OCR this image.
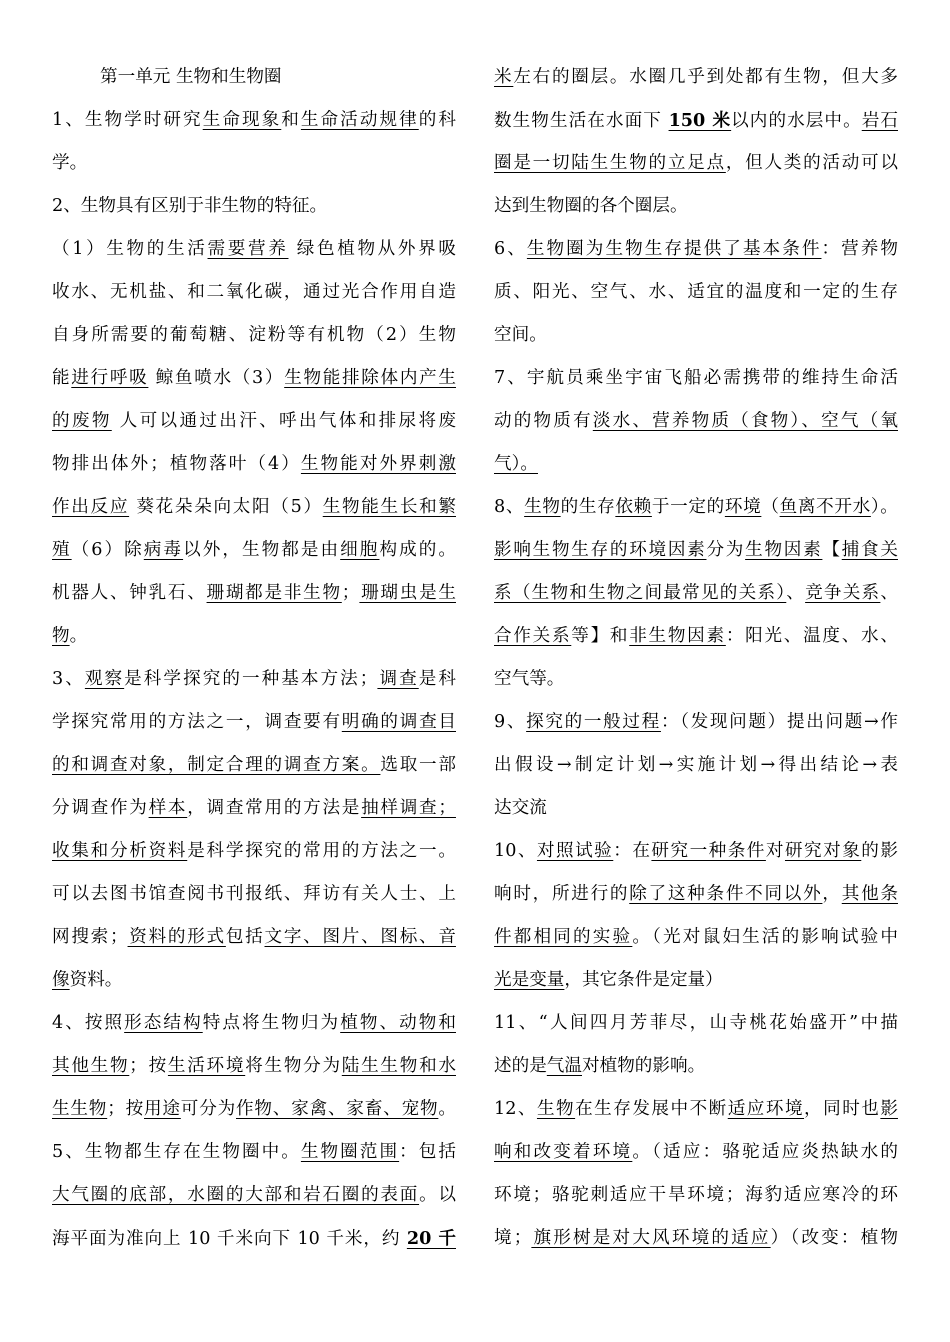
第一单元 生物和生物圈
1、生物学时研究生命现象和生命活动规律的科
学。
2、生物具有区别于非生物的特征。
（1）生物的生活需要营养 绿色植物从外界吸
收水、无机盐、和二氧化碳，通过光合作用自造
自身所需要的葡萄糖、淀粉等有机物（2）生物
能进行呼吸 鲸鱼喷水（3）生物能排除体内产生
的废物 人可以通过出汗、呼出气体和排尿将废
物排出体外；植物落叶（4）生物能对外界刺激
作出反应 葵花朵朵向太阳（5）生物能生长和繁
殖（6）除病毒以外，生物都是由细胞构成的。
机器人、钟乳石、珊瑚都是非生物；珊瑚虫是生
物。
3、观察是科学探究的一种基本方法；调查是科
学探究常用的方法之一，调查要有明确的调查目
的和调查对象，制定合理的调查方案。选取一部
分调查作为样本，调查常用的方法是抽样调查；
收集和分析资料是科学探究的常用的方法之一。
可以去图书馆查阅书刊报纸、拜访有关人士、上
网搜索；资料的形式包括文字、图片、图标、音
像资料。
4、按照形态结构特点将生物归为植物、动物和
其他生物；按生活环境将生物分为陆生生物和水
生生物；按用途可分为作物、家禽、家畜、宠物。
5、生物都生存在生物圈中。生物圈范围：包括
大气圈的底部，水圈的大部和岩石圈的表面。以
海平面为准向上 10 千米向下 10 千米，约 20 千
米左右的圈层。水圈几乎到处都有生物，但大多
数生物生活在水面下 150 米以内的水层中。岩石
圈是一切陆生生物的立足点，但人类的活动可以
达到生物圈的各个圈层。
6、生物圈为生物生存提供了基本条件：营养物
质、阳光、空气、水、适宜的温度和一定的生存
空间。
7、宇航员乘坐宇宙飞船必需携带的维持生命活
动的物质有淡水、营养物质（食物）、空气（氧
气）。
8、生物的生存依赖于一定的环境（鱼离不开水）。
影响生物生存的环境因素分为生物因素【捕食关
系（生物和生物之间最常见的关系）、竞争关系、
合作关系等】和非生物因素：阳光、温度、水、
空气等。
9、探究的一般过程：（发现问题）提出问题→作
出假设→制定计划→实施计划→得出结论→表
达交流
10、对照试验：在研究一种条件对研究对象的影
响时，所进行的除了这种条件不同以外，其他条
件都相同的实验。（光对鼠妇生活的影响试验中
光是变量，其它条件是定量）
11、“人间四月芳菲尽，山寺桃花始盛开”中描
述的是气温对植物的影响。
12、生物在生存发展中不断适应环境，同时也影
响和改变着环境。（适应：骆驼适应炎热缺水的
环境；骆驼刺适应干旱环境；海豹适应寒冷的环
境；旗形树是对大风环境的适应）（改变：植物
